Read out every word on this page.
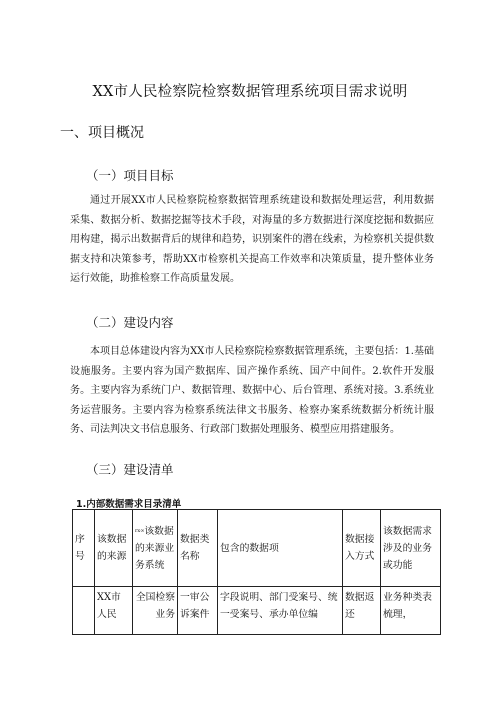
XX市人民检察院检察数据管理系统项目需求说明
一、项目概况
（一）项目目标
通过开展XX市人民检察院检察数据管理系统建设和数据处理运营，利用数据采集、数据分析、数据挖掘等技术手段，对海量的多方数据进行深度挖掘和数据应用构建，揭示出数据背后的规律和趋势，识别案件的潜在线索，为检察机关提供数据支持和决策参考，帮助XX市检察机关提高工作效率和决策质量，提升整体业务运行效能，助推检察工作高质量发展。
（二）建设内容
本项目总体建设内容为XX市人民检察院检察数据管理系统，主要包括：1.基础设施服务。主要内容为国产数据库、国产操作系统、国产中间件。2.软件开发服务。主要内容为系统门户、数据管理、数据中心、后台管理、系统对接。3.系统业务运营服务。主要内容为检察系统法律文书服务、检察办案系统数据分析统计服务、司法判决文书信息服务、行政部门数据处理服务、模型应用搭建服务。
（三）建设清单
1.内部数据需求目录清单
序号	该数据的来源	$^{rx\infty}$该数据的来源业务系统	数据类名称	包含的数据项	数据接入方式	该数据需求涉及的业务或功能
	XX市人民	全国检察业务	一审公诉案件	字段说明、部门受案号、统一受案号、承办单位编	数据返还	业务种类表梳理，
